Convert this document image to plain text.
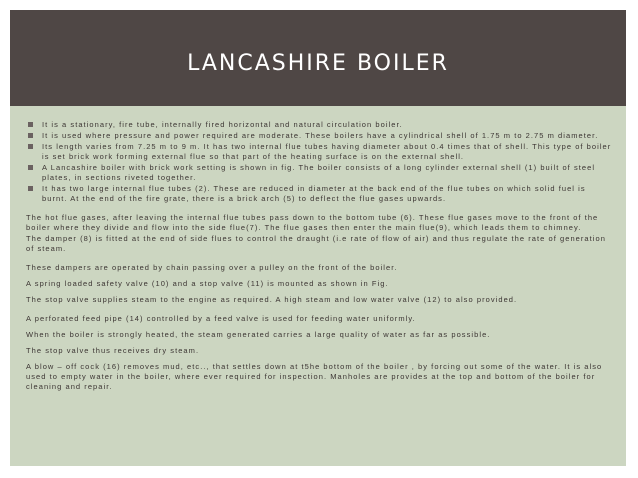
LANCASHIRE BOILER
It is a stationary, fire tube, internally fired horizontal and natural circulation boiler.
It is used where pressure and power required are moderate. These boilers have a cylindrical shell of 1.75 m to 2.75 m diameter.
Its length varies from 7.25 m to 9 m. It has two internal flue tubes having diameter about 0.4 times that of shell. This type of boiler is set brick work forming external flue so that part of the heating surface is on the external shell.
A Lancashire boiler with brick work setting is shown in fig. The boiler consists of a long cylinder external shell (1) built of steel plates, in sections riveted together.
It has two large internal flue tubes (2). These are reduced in diameter at the back end of the flue tubes on which solid fuel is burnt. At the end of the fire grate, there is a brick arch (5) to deflect the flue gases upwards.

The hot flue gases, after leaving the internal flue tubes pass down to the bottom tube (6). These flue gases move to the front of the boiler where they divide and flow into the side flue(7). The flue gases then enter the main flue(9), which leads them to chimney.

The damper (8) is fitted at the end of side flues to control the draught (i.e rate of flow of air) and thus regulate the rate of generation of steam.

These dampers are operated by chain passing over a pulley on the front of the boiler.

A spring loaded safety valve (10) and a stop valve (11) is mounted as shown in Fig.

The stop valve supplies steam to the engine as required. A high steam and low water valve (12) to also provided.

A perforated feed pipe (14) controlled by a feed valve is used for feeding water uniformly.

When the boiler is strongly heated, the steam generated carries a large quality of water as far as possible.

The stop valve thus receives dry steam.

A blow – off cock (16) removes mud, etc.., that settles down at t5he bottom of the boiler , by forcing out some of the water. It is also used to empty water in the boiler, where ever required for inspection. Manholes are provides at the top and bottom of the boiler for cleaning and repair.
